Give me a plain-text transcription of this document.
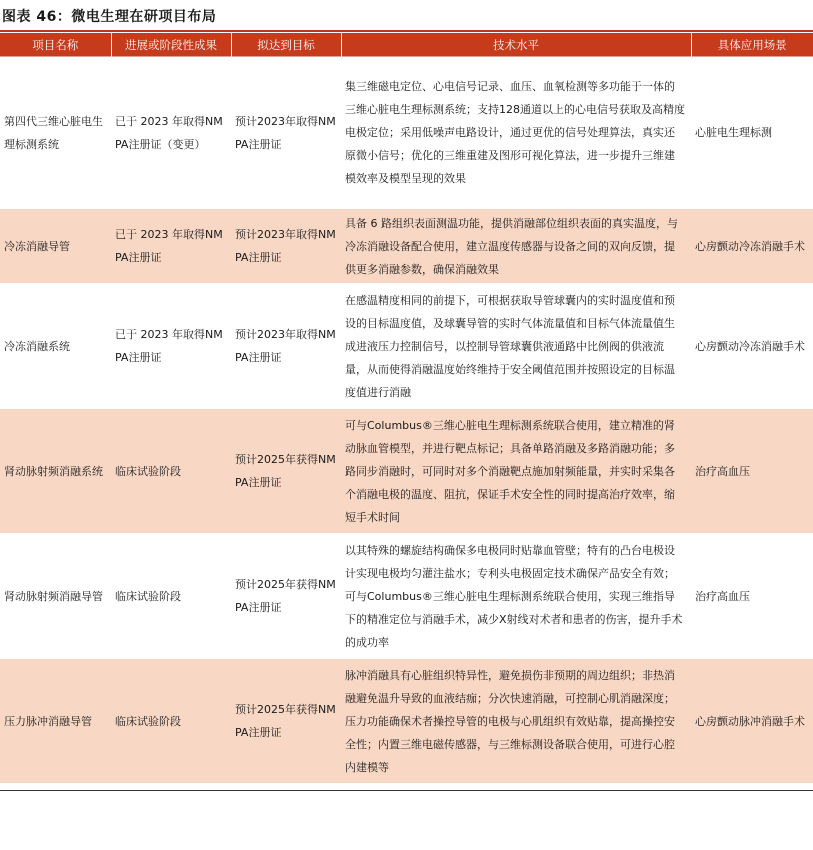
图表 46：微电生理在研项目布局
项目名称	进展或阶段性成果	拟达到目标	技术水平	具体应用场景
第四代三维心脏电生理标测系统	已于 2023 年取得NMPA注册证（变更）	预计2023年取得NMPA注册证	集三维磁电定位、心电信号记录、血压、血氧检测等多功能于一体的三维心脏电生理标测系统；支持128通道以上的心电信号获取及高精度电极定位；采用低噪声电路设计，通过更优的信号处理算法，真实还原微小信号；优化的三维重建及图形可视化算法，进一步提升三维建模效率及模型呈现的效果	心脏电生理标测
冷冻消融导管	已于 2023 年取得NMPA注册证	预计2023年取得NMPA注册证	具备 6 路组织表面测温功能，提供消融部位组织表面的真实温度，与冷冻消融设备配合使用，建立温度传感器与设备之间的双向反馈，提供更多消融参数，确保消融效果	心房颤动冷冻消融手术
冷冻消融系统	已于 2023 年取得NMPA注册证	预计2023年取得NMPA注册证	在感温精度相同的前提下，可根据获取导管球囊内的实时温度值和预设的目标温度值，及球囊导管的实时气体流量值和目标气体流量值生成进液压力控制信号，以控制导管球囊供液通路中比例阀的供液流量，从而使得消融温度始终维持于安全阈值范围并按照设定的目标温度值进行消融	心房颤动冷冻消融手术
肾动脉射频消融系统	临床试验阶段	预计2025年获得NMPA注册证	可与Columbus®三维心脏电生理标测系统联合使用，建立精准的肾动脉血管模型，并进行靶点标记；具备单路消融及多路消融功能；多路同步消融时，可同时对多个消融靶点施加射频能量，并实时采集各个消融电极的温度、阻抗，保证手术安全性的同时提高治疗效率，缩短手术时间	治疗高血压
肾动脉射频消融导管	临床试验阶段	预计2025年获得NMPA注册证	以其特殊的螺旋结构确保多电极同时贴靠血管壁；特有的凸台电极设计实现电极均匀灌注盐水；专利头电极固定技术确保产品安全有效；可与Columbus®三维心脏电生理标测系统联合使用，实现三维指导下的精准定位与消融手术，减少X射线对术者和患者的伤害，提升手术的成功率	治疗高血压
压力脉冲消融导管	临床试验阶段	预计2025年获得NMPA注册证	脉冲消融具有心脏组织特异性，避免损伤非预期的周边组织；非热消融避免温升导致的血液结痂；分次快速消融，可控制心肌消融深度；压力功能确保术者操控导管的电极与心肌组织有效贴靠，提高操控安全性；内置三维电磁传感器，与三维标测设备联合使用，可进行心腔内建模等	心房颤动脉冲消融手术
